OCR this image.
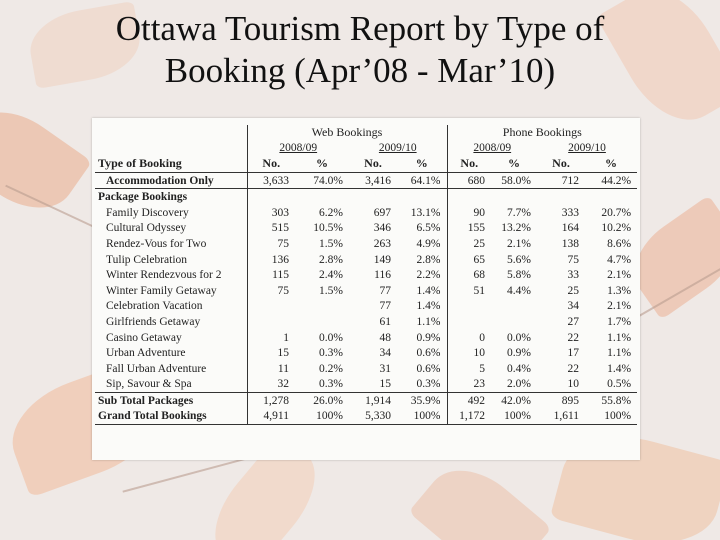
Ottawa Tourism Report by Type of
Booking (Apr’08 - Mar’10)
	Web Bookings				Phone Bookings			
	2008/09		2009/10		2008/09		2009/10	
Type of Booking	No.	%	No.	%	No.	%	No.	%
Accommodation Only	3,633	74.0%	3,416	64.1%	680	58.0%	712	44.2%
Package Bookings								
Family Discovery	303	6.2%	697	13.1%	90	7.7%	333	20.7%
Cultural Odyssey	515	10.5%	346	6.5%	155	13.2%	164	10.2%
Rendez-Vous for Two	75	1.5%	263	4.9%	25	2.1%	138	8.6%
Tulip Celebration	136	2.8%	149	2.8%	65	5.6%	75	4.7%
Winter Rendezvous for 2	115	2.4%	116	2.2%	68	5.8%	33	2.1%
Winter Family Getaway	75	1.5%	77	1.4%	51	4.4%	25	1.3%
Celebration Vacation			77	1.4%			34	2.1%
Girlfriends Getaway			61	1.1%			27	1.7%
Casino Getaway	1	0.0%	48	0.9%	0	0.0%	22	1.1%
Urban Adventure	15	0.3%	34	0.6%	10	0.9%	17	1.1%
Fall Urban Adventure	11	0.2%	31	0.6%	5	0.4%	22	1.4%
Sip, Savour & Spa	32	0.3%	15	0.3%	23	2.0%	10	0.5%
Sub Total Packages	1,278	26.0%	1,914	35.9%	492	42.0%	895	55.8%
Grand Total Bookings	4,911	100%	5,330	100%	1,172	100%	1,611	100%
